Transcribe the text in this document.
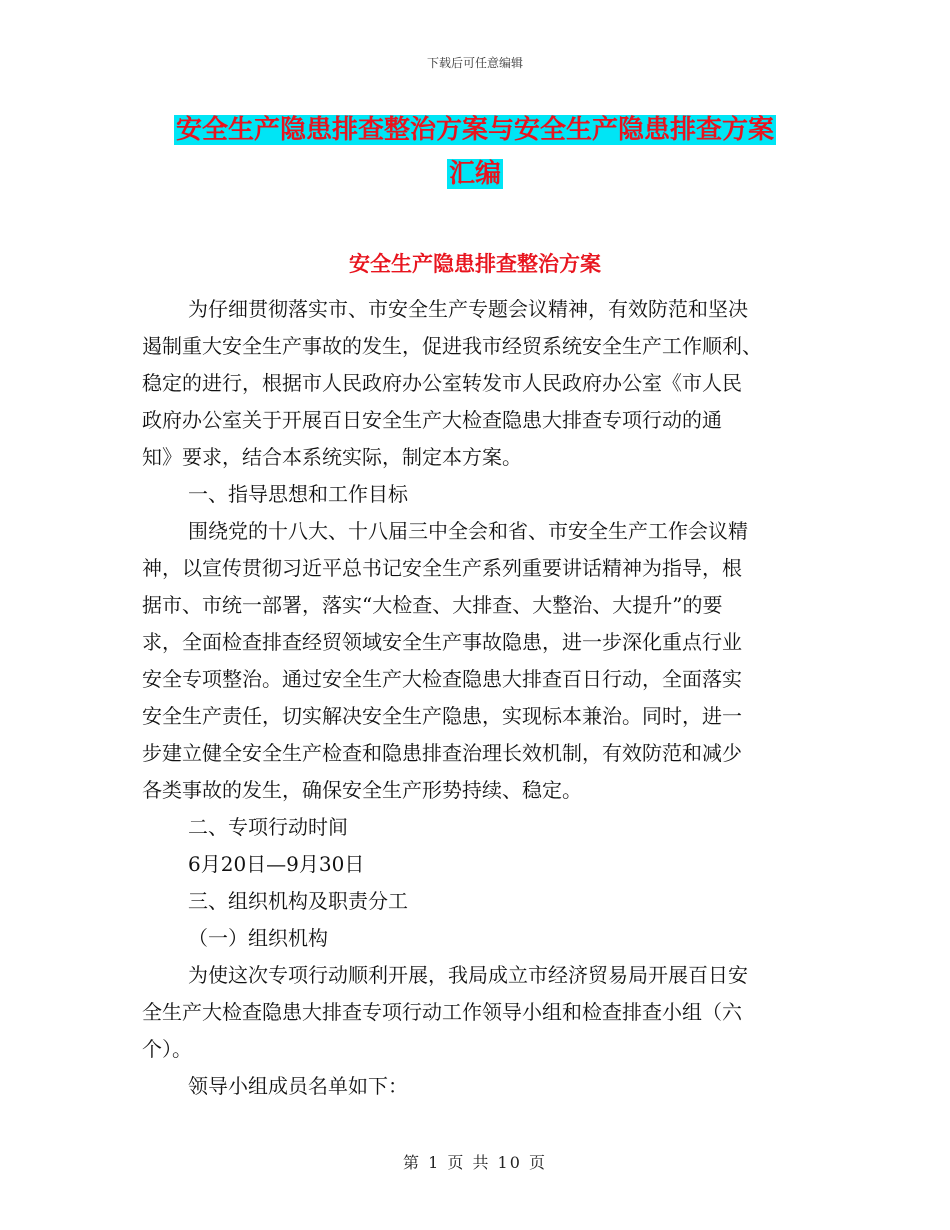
下载后可任意编辑
安全生产隐患排查整治方案与安全生产隐患排查方案
汇编
安全生产隐患排查整治方案
为仔细贯彻落实市、市安全生产专题会议精神，有效防范和坚决
遏制重大安全生产事故的发生，促进我市经贸系统安全生产工作顺利、
稳定的进行，根据市人民政府办公室转发市人民政府办公室《市人民
政府办公室关于开展百日安全生产大检查隐患大排查专项行动的通
知》要求，结合本系统实际，制定本方案。
一、指导思想和工作目标
围绕党的十八大、十八届三中全会和省、市安全生产工作会议精
神，以宣传贯彻习近平总书记安全生产系列重要讲话精神为指导，根
据市、市统一部署，落实“大检查、大排查、大整治、大提升”的要
求，全面检查排查经贸领域安全生产事故隐患，进一步深化重点行业
安全专项整治。通过安全生产大检查隐患大排查百日行动，全面落实
安全生产责任，切实解决安全生产隐患，实现标本兼治。同时，进一
步建立健全安全生产检查和隐患排查治理长效机制，有效防范和减少
各类事故的发生，确保安全生产形势持续、稳定。
二、专项行动时间
6月20日—9月30日
三、组织机构及职责分工
（一）组织机构
为使这次专项行动顺利开展，我局成立市经济贸易局开展百日安
全生产大检查隐患大排查专项行动工作领导小组和检查排查小组（六
个）。
领导小组成员名单如下：
第 1 页 共 10 页
